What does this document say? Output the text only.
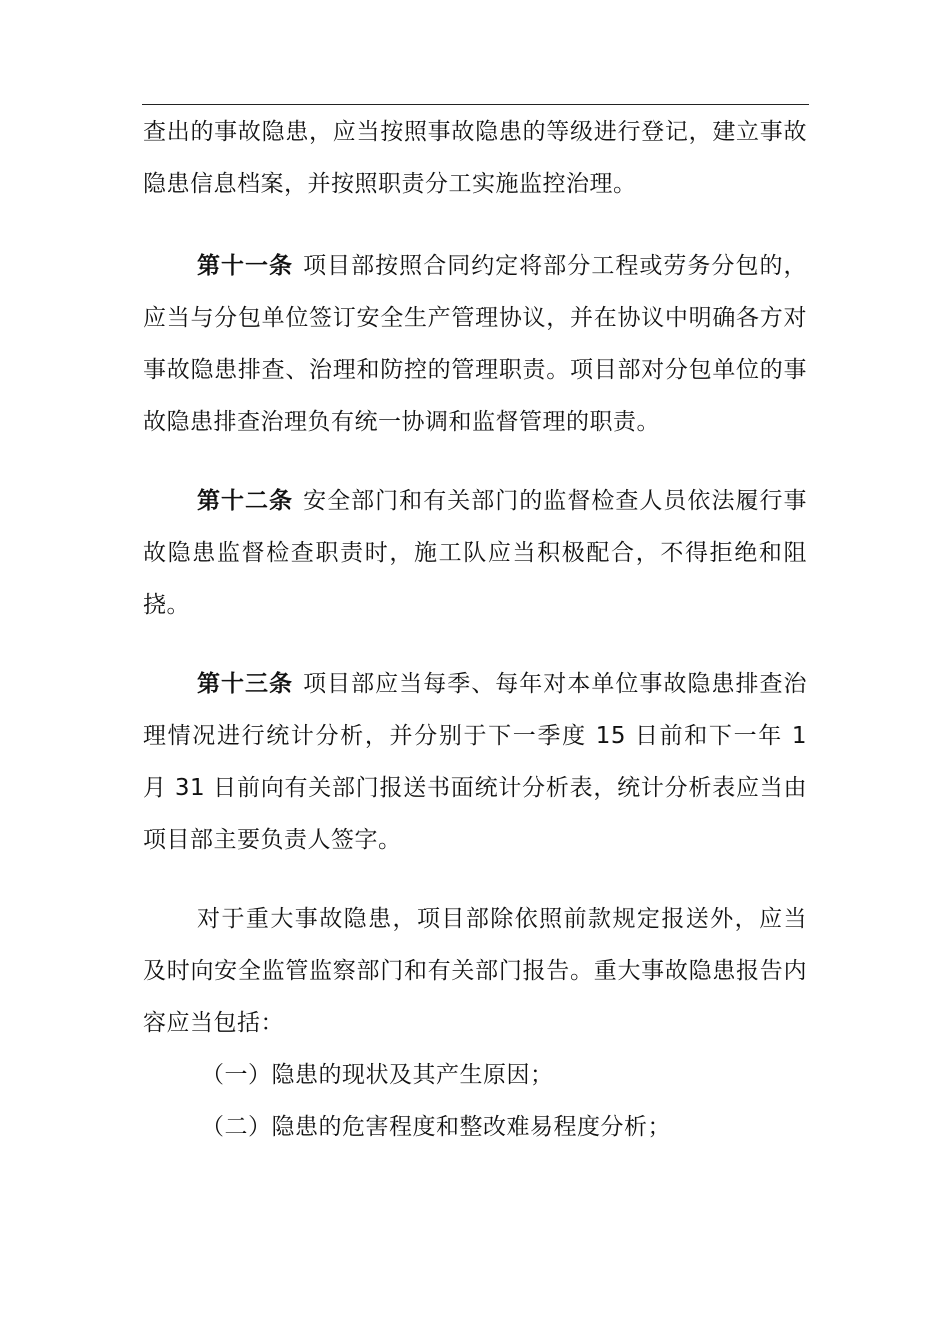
查出的事故隐患，应当按照事故隐患的等级进行登记，建立事故隐患信息档案，并按照职责分工实施监控治理。

第十一条 项目部按照合同约定将部分工程或劳务分包的，应当与分包单位签订安全生产管理协议，并在协议中明确各方对事故隐患排查、治理和防控的管理职责。项目部对分包单位的事故隐患排查治理负有统一协调和监督管理的职责。

第十二条 安全部门和有关部门的监督检查人员依法履行事故隐患监督检查职责时，施工队应当积极配合，不得拒绝和阻挠。

第十三条 项目部应当每季、每年对本单位事故隐患排查治理情况进行统计分析，并分别于下一季度 15 日前和下一年 1 月 31 日前向有关部门报送书面统计分析表，统计分析表应当由项目部主要负责人签字。

对于重大事故隐患，项目部除依照前款规定报送外，应当及时向安全监管监察部门和有关部门报告。重大事故隐患报告内容应当包括：

（一）隐患的现状及其产生原因；

（二）隐患的危害程度和整改难易程度分析；
